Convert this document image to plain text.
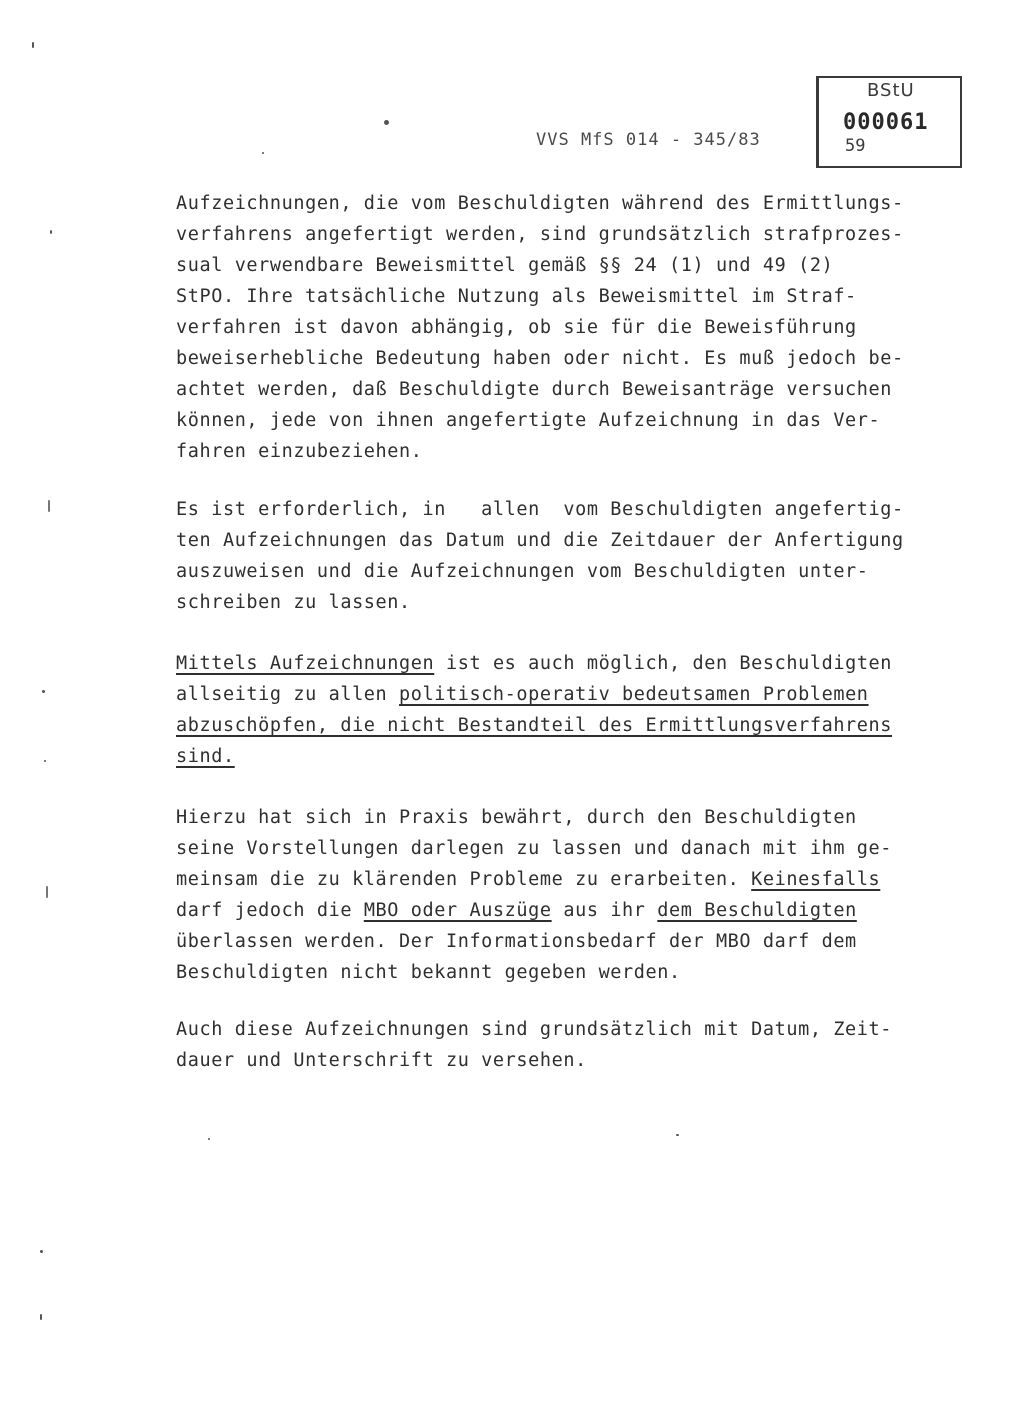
VVS MfS 014 - 345/83
BStU
000061
59
Aufzeichnungen, die vom Beschuldigten während des Ermittlungs-
verfahrens angefertigt werden, sind grundsätzlich strafprozes-
sual verwendbare Beweismittel gemäß §§ 24 (1) und 49 (2)
StPO. Ihre tatsächliche Nutzung als Beweismittel im Straf-
verfahren ist davon abhängig, ob sie für die Beweisführung
beweiserhebliche Bedeutung haben oder nicht. Es muß jedoch be-
achtet werden, daß Beschuldigte durch Beweisanträge versuchen
können, jede von ihnen angefertigte Aufzeichnung in das Ver-
fahren einzubeziehen.
Es ist erforderlich, in   allen  vom Beschuldigten angefertig-
ten Aufzeichnungen das Datum und die Zeitdauer der Anfertigung
auszuweisen und die Aufzeichnungen vom Beschuldigten unter-
schreiben zu lassen.
Mittels Aufzeichnungen ist es auch möglich, den Beschuldigten
allseitig zu allen politisch-operativ bedeutsamen Problemen
abzuschöpfen, die nicht Bestandteil des Ermittlungsverfahrens
sind.
Hierzu hat sich in Praxis bewährt, durch den Beschuldigten
seine Vorstellungen darlegen zu lassen und danach mit ihm ge-
meinsam die zu klärenden Probleme zu erarbeiten. Keinesfalls
darf jedoch die MBO oder Auszüge aus ihr dem Beschuldigten
überlassen werden. Der Informationsbedarf der MBO darf dem
Beschuldigten nicht bekannt gegeben werden.
Auch diese Aufzeichnungen sind grundsätzlich mit Datum, Zeit-
dauer und Unterschrift zu versehen.
